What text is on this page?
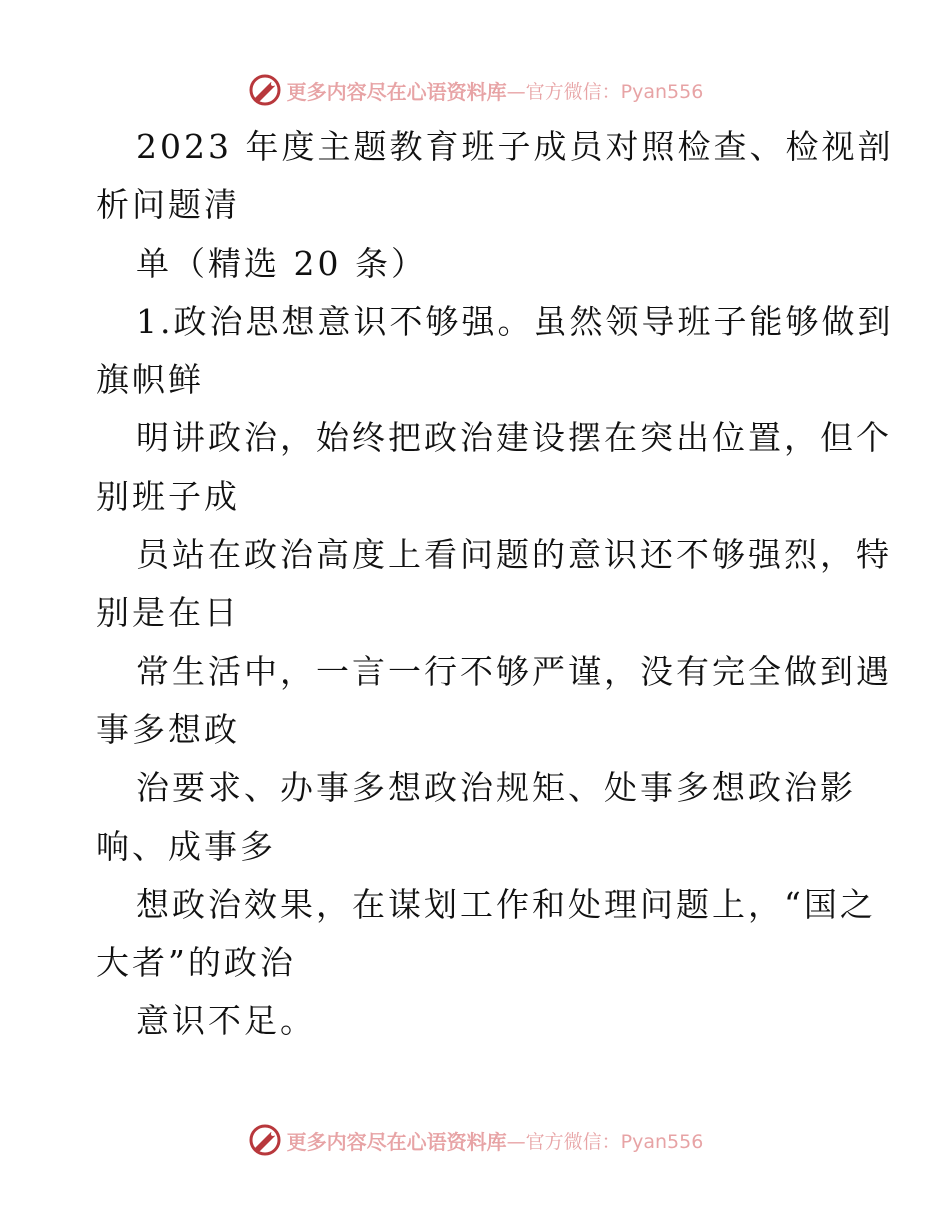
更多内容尽在心语资料库 —官方微信：Pyan556
2023 年度主题教育班子成员对照检查、检视剖
析问题清
单（精选 20 条）
1.政治思想意识不够强。虽然领导班子能够做到
旗帜鲜
明讲政治，始终把政治建设摆在突出位置，但个
别班子成
员站在政治高度上看问题的意识还不够强烈，特
别是在日
常生活中，一言一行不够严谨，没有完全做到遇
事多想政
治要求、办事多想政治规矩、处事多想政治影
响、成事多
想政治效果，在谋划工作和处理问题上，“国之
大者”的政治
意识不足。
更多内容尽在心语资料库 —官方微信：Pyan556
